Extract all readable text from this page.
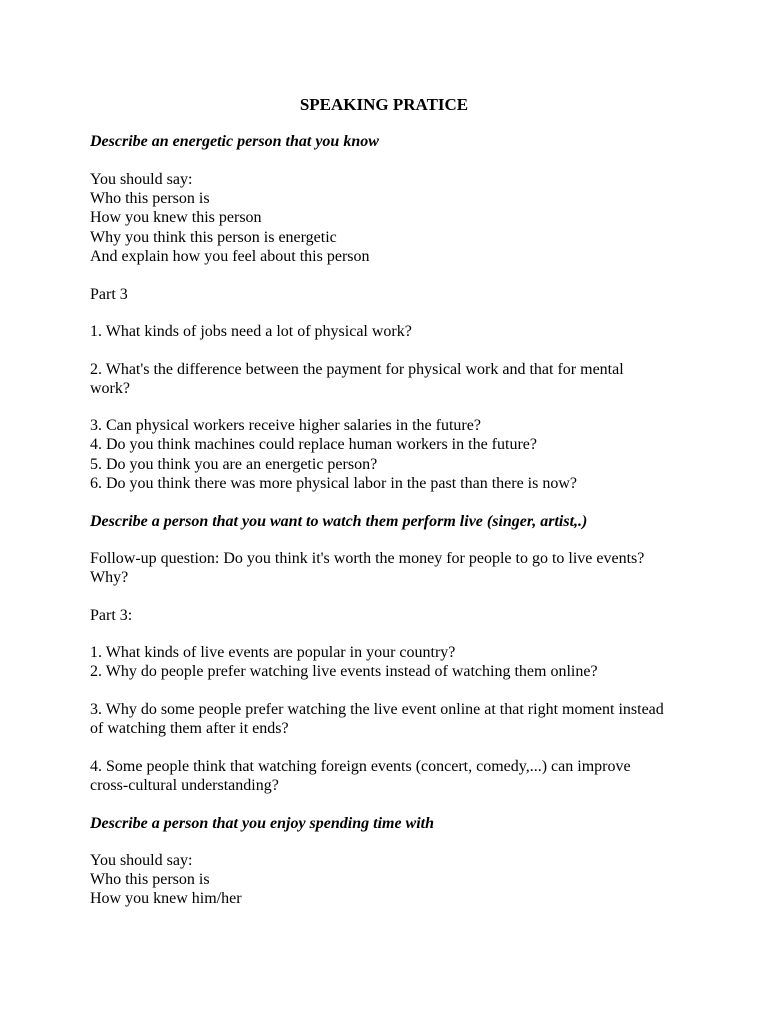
SPEAKING PRATICE
Describe an energetic person that you know
You should say:
Who this person is
How you knew this person
Why you think this person is energetic
And explain how you feel about this person
Part 3
1. What kinds of jobs need a lot of physical work?
2. What's the difference between the payment for physical work and that for mental
work?
3. Can physical workers receive higher salaries in the future?
4. Do you think machines could replace human workers in the future?
5. Do you think you are an energetic person?
6. Do you think there was more physical labor in the past than there is now?
Describe a person that you want to watch them perform live (singer, artist,.)
Follow-up question: Do you think it's worth the money for people to go to live events?
Why?
Part 3:
1. What kinds of live events are popular in your country?
2. Why do people prefer watching live events instead of watching them online?
3. Why do some people prefer watching the live event online at that right moment instead
of watching them after it ends?
4. Some people think that watching foreign events (concert, comedy,...) can improve
cross-cultural understanding?
Describe a person that you enjoy spending time with
You should say:
Who this person is
How you knew him/her
